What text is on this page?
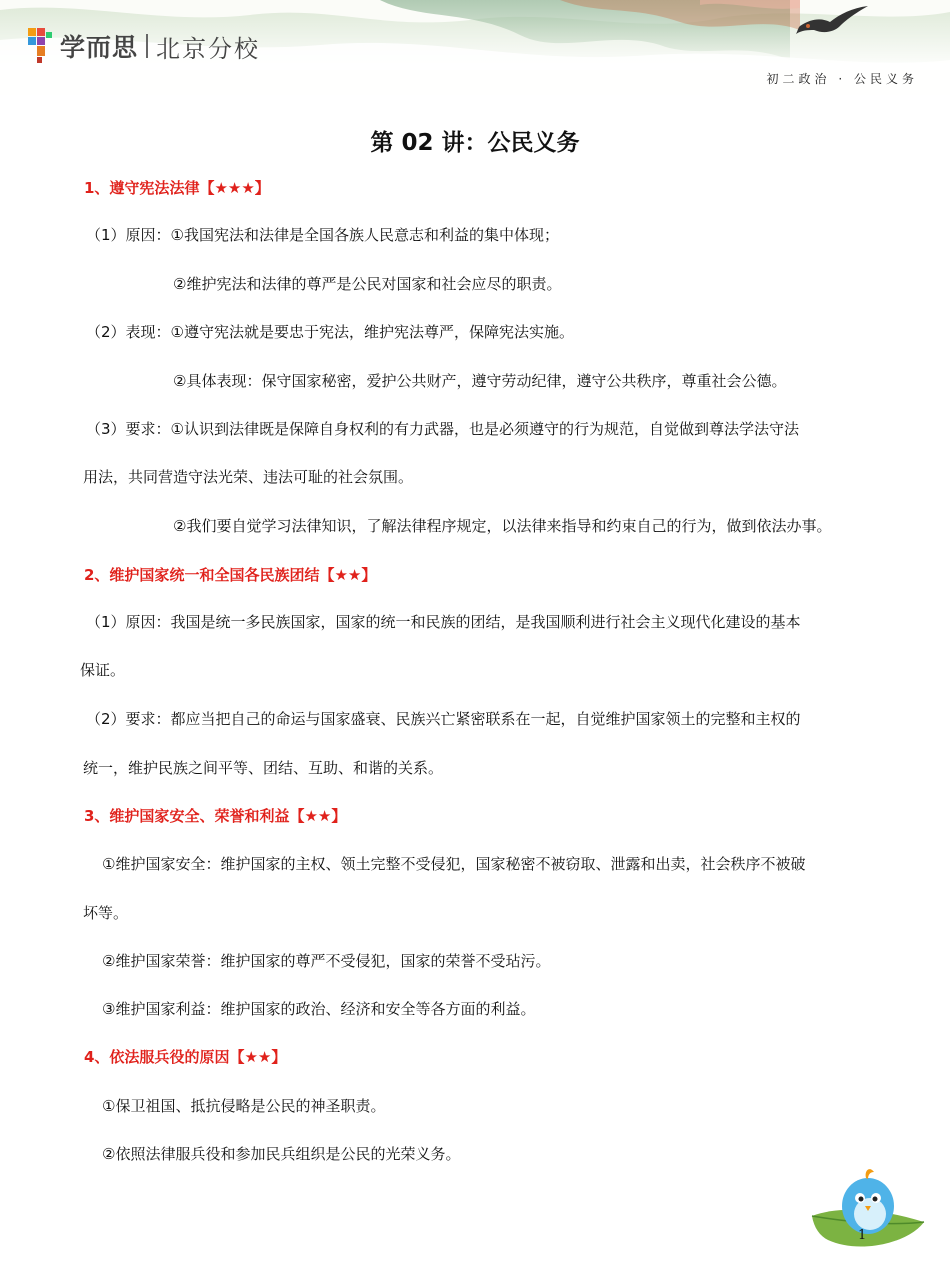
学而思 北京分校
初二政治 · 公民义务
第 02 讲：公民义务
1、遵守宪法法律【★★★】
（1）原因：①我国宪法和法律是全国各族人民意志和利益的集中体现；
②维护宪法和法律的尊严是公民对国家和社会应尽的职责。
（2）表现：①遵守宪法就是要忠于宪法，维护宪法尊严，保障宪法实施。
②具体表现：保守国家秘密，爱护公共财产，遵守劳动纪律，遵守公共秩序，尊重社会公德。
（3）要求：①认识到法律既是保障自身权利的有力武器，也是必须遵守的行为规范，自觉做到尊法学法守法
用法，共同营造守法光荣、违法可耻的社会氛围。
②我们要自觉学习法律知识，了解法律程序规定，以法律来指导和约束自己的行为，做到依法办事。
2、维护国家统一和全国各民族团结【★★】
（1）原因：我国是统一多民族国家，国家的统一和民族的团结，是我国顺利进行社会主义现代化建设的基本
保证。
（2）要求：都应当把自己的命运与国家盛衰、民族兴亡紧密联系在一起，自觉维护国家领土的完整和主权的
统一，维护民族之间平等、团结、互助、和谐的关系。
3、维护国家安全、荣誉和利益【★★】
①维护国家安全：维护国家的主权、领土完整不受侵犯，国家秘密不被窃取、泄露和出卖，社会秩序不被破
坏等。
②维护国家荣誉：维护国家的尊严不受侵犯，国家的荣誉不受玷污。
③维护国家利益：维护国家的政治、经济和安全等各方面的利益。
4、依法服兵役的原因【★★】
①保卫祖国、抵抗侵略是公民的神圣职责。
②依照法律服兵役和参加民兵组织是公民的光荣义务。
1
